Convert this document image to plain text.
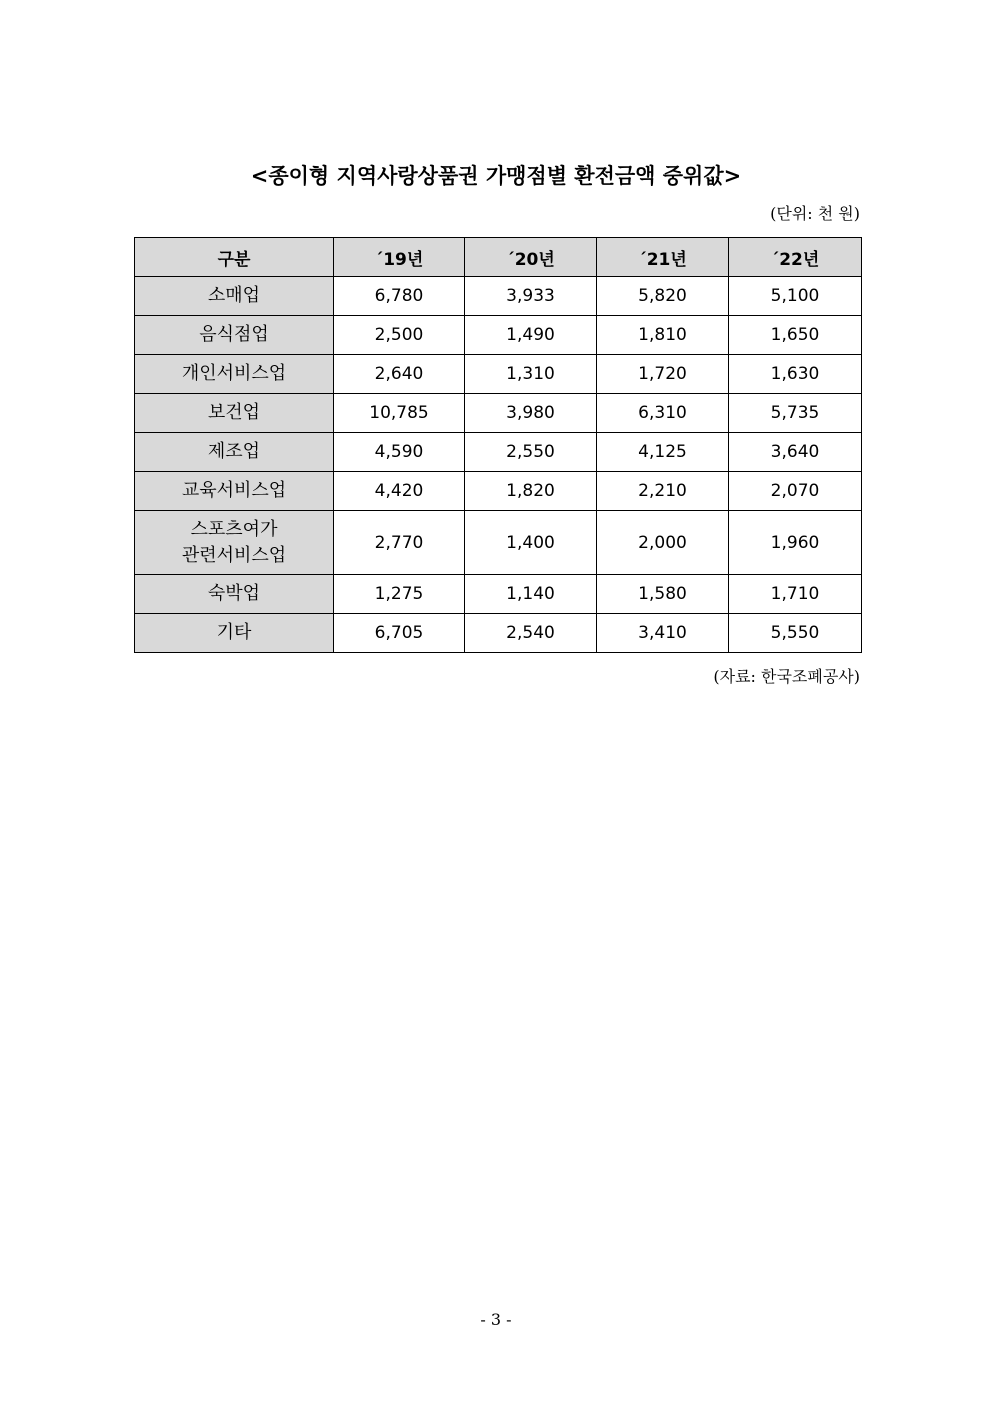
<종이형 지역사랑상품권 가맹점별 환전금액 중위값>
(단위: 천 원)
구분	´19년	´20년	´21년	´22년

소매업	6,780	3,933	5,820	5,100

음식점업	2,500	1,490	1,810	1,650

개인서비스업	2,640	1,310	1,720	1,630

보건업	10,785	3,980	6,310	5,735

제조업	4,590	2,550	4,125	3,640

교육서비스업	4,420	1,820	2,210	2,070

스포츠여가
관련서비스업	2,770	1,400	2,000	1,960

숙박업	1,275	1,140	1,580	1,710

기타	6,705	2,540	3,410	5,550
(자료: 한국조폐공사)
- 3 -
